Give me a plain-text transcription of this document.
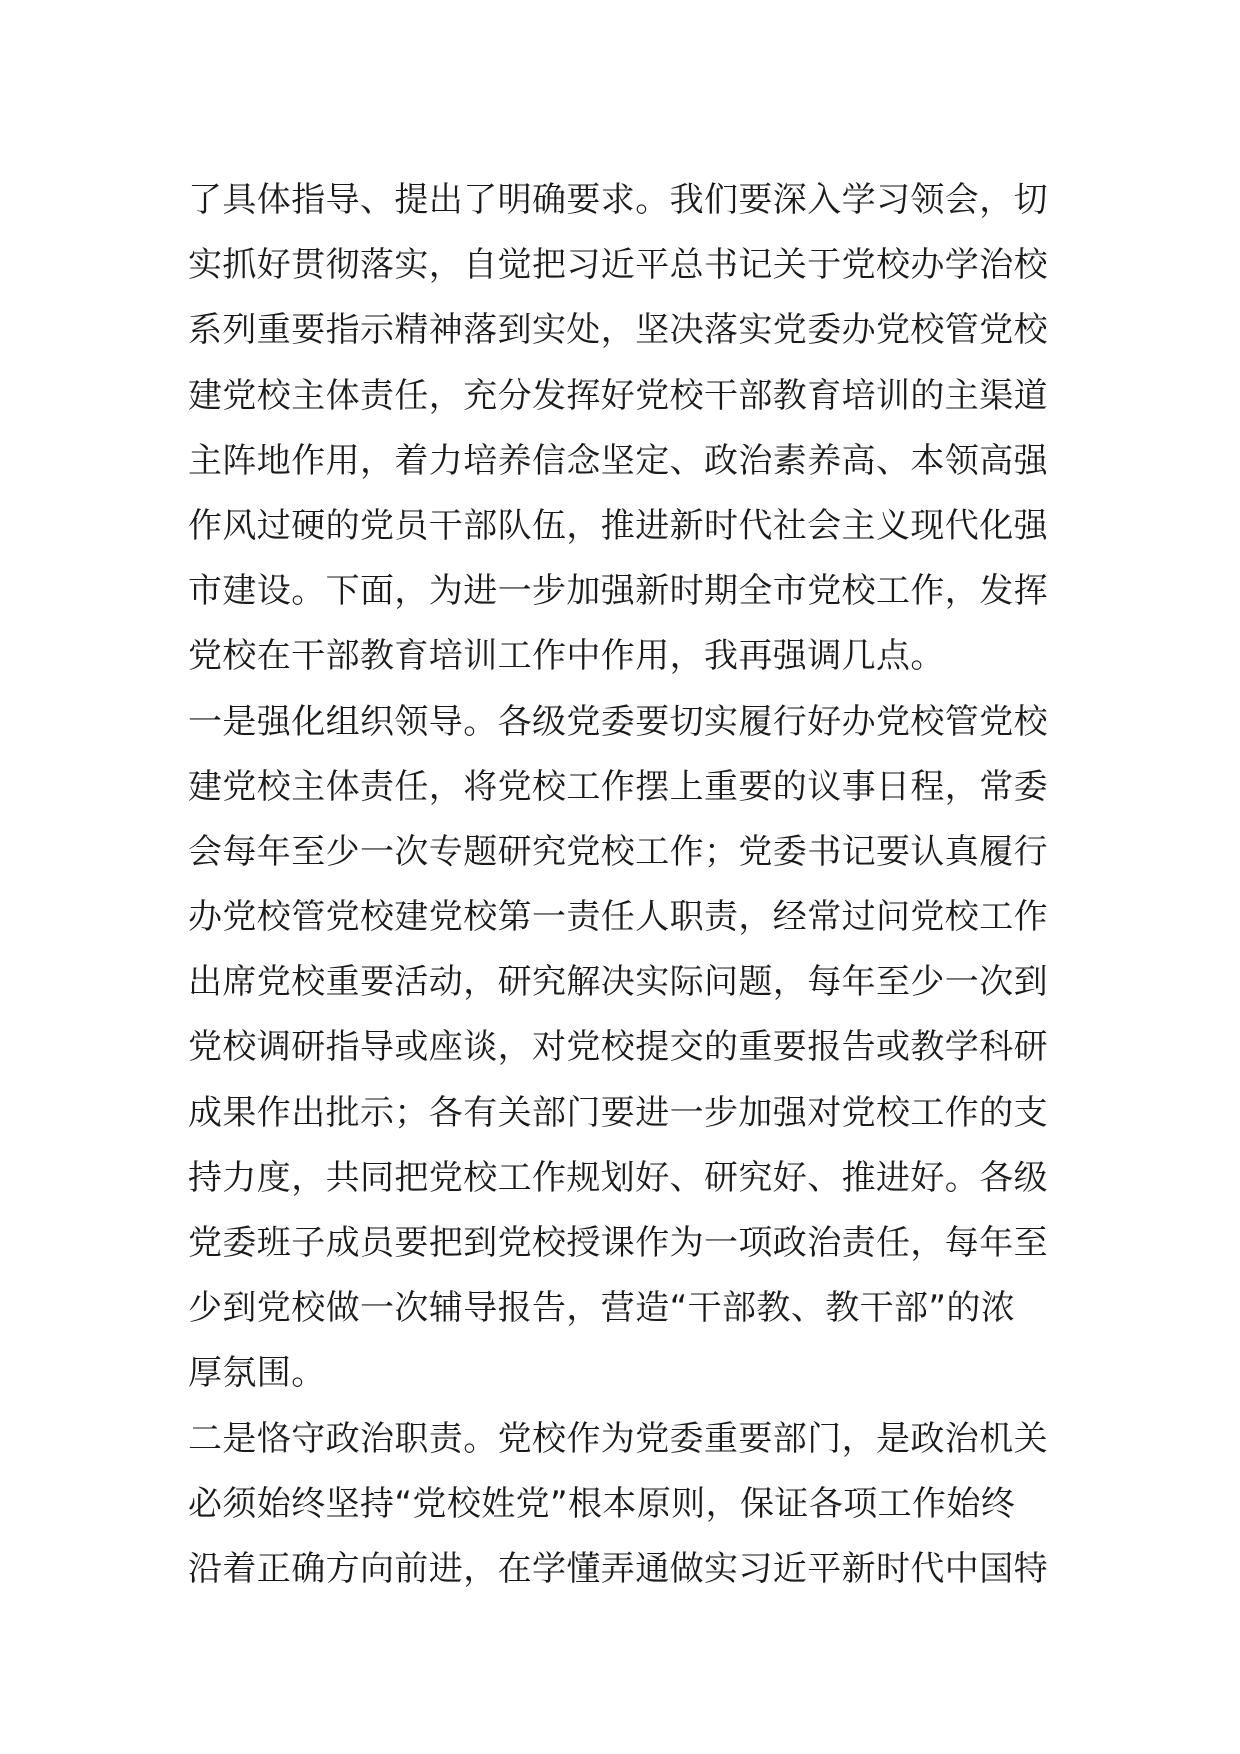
了具体指导、提出了明确要求。我们要深入学习领会，切
实抓好贯彻落实，自觉把习近平总书记关于党校办学治校
系列重要指示精神落到实处，坚决落实党委办党校管党校
建党校主体责任，充分发挥好党校干部教育培训的主渠道
主阵地作用，着力培养信念坚定、政治素养高、本领高强
作风过硬的党员干部队伍，推进新时代社会主义现代化强
市建设。下面，为进一步加强新时期全市党校工作，发挥
党校在干部教育培训工作中作用，我再强调几点。
一是强化组织领导。各级党委要切实履行好办党校管党校
建党校主体责任，将党校工作摆上重要的议事日程，常委
会每年至少一次专题研究党校工作；党委书记要认真履行
办党校管党校建党校第一责任人职责，经常过问党校工作
出席党校重要活动，研究解决实际问题，每年至少一次到
党校调研指导或座谈，对党校提交的重要报告或教学科研
成果作出批示；各有关部门要进一步加强对党校工作的支
持力度，共同把党校工作规划好、研究好、推进好。各级
党委班子成员要把到党校授课作为一项政治责任，每年至
少到党校做一次辅导报告，营造“干部教、教干部”的浓
厚氛围。
二是恪守政治职责。党校作为党委重要部门，是政治机关
必须始终坚持“党校姓党”根本原则，保证各项工作始终
沿着正确方向前进，在学懂弄通做实习近平新时代中国特
